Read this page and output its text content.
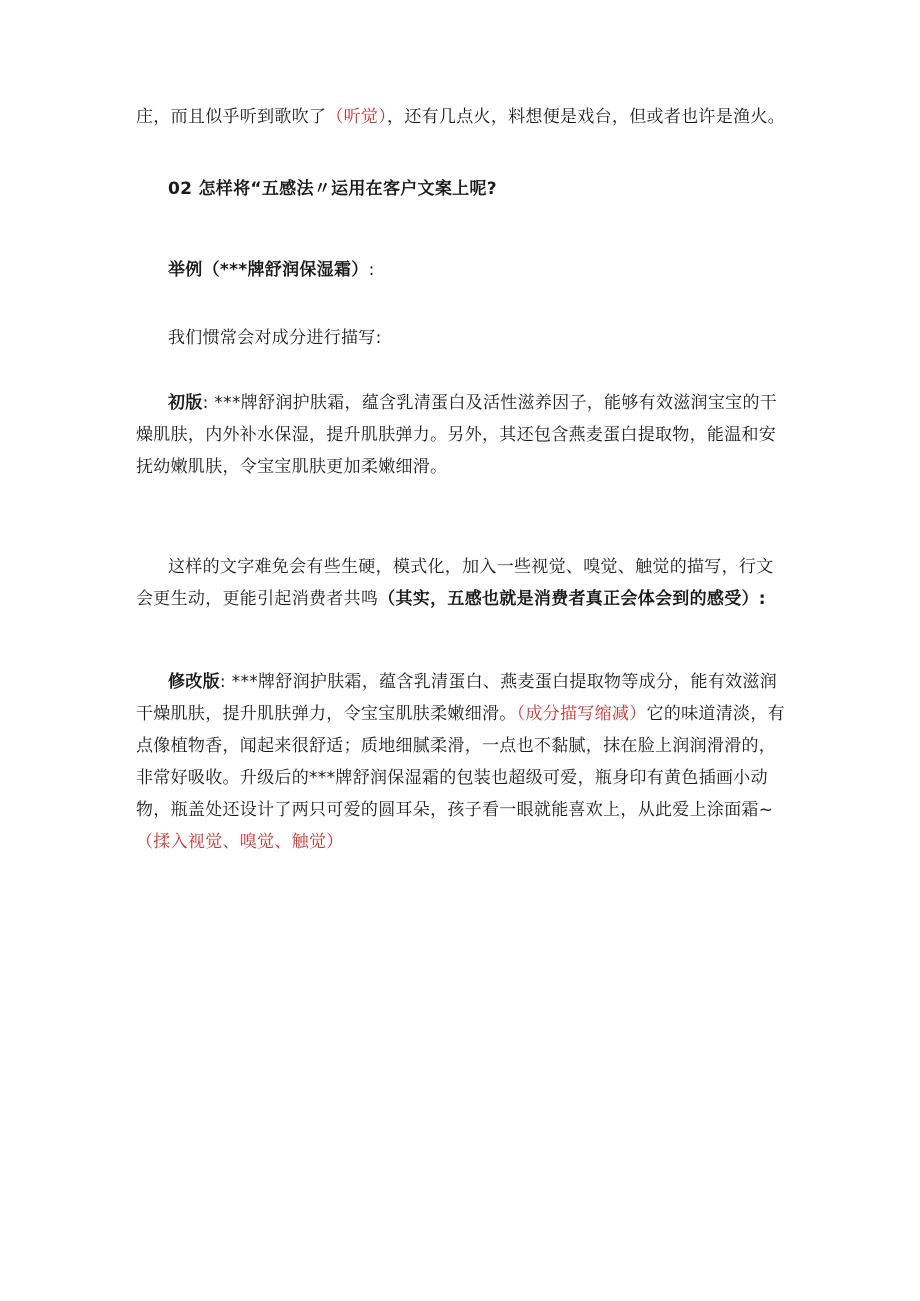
庄，而且似乎听到歌吹了（听觉），还有几点火，料想便是戏台，但或者也许是渔火。

02 怎样将“五感法〃运用在客户文案上呢?

举例（***牌舒润保湿霜）:

我们惯常会对成分进行描写:

初版: ***牌舒润护肤霜，蕴含乳清蛋白及活性滋养因子，能够有效滋润宝宝的干燥肌肤，内外补水保湿，提升肌肤弹力。另外，其还包含燕麦蛋白提取物，能温和安抚幼嫩肌肤，令宝宝肌肤更加柔嫩细滑。

这样的文字难免会有些生硬，模式化，加入一些视觉、嗅觉、触觉的描写，行文会更生动，更能引起消费者共鸣（其实，五感也就是消费者真正会体会到的感受）:

修改版: ***牌舒润护肤霜，蕴含乳清蛋白、燕麦蛋白提取物等成分，能有效滋润干燥肌肤，提升肌肤弹力，令宝宝肌肤柔嫩细滑。（成分描写缩减）它的味道清淡，有点像植物香，闻起来很舒适；质地细腻柔滑，一点也不黏腻，抹在脸上润润滑滑的，非常好吸收。升级后的***牌舒润保湿霜的包装也超级可爱，瓶身印有黄色插画小动物，瓶盖处还设计了两只可爱的圆耳朵，孩子看一眼就能喜欢上，从此爱上涂面霜~（揉入视觉、嗅觉、触觉）
